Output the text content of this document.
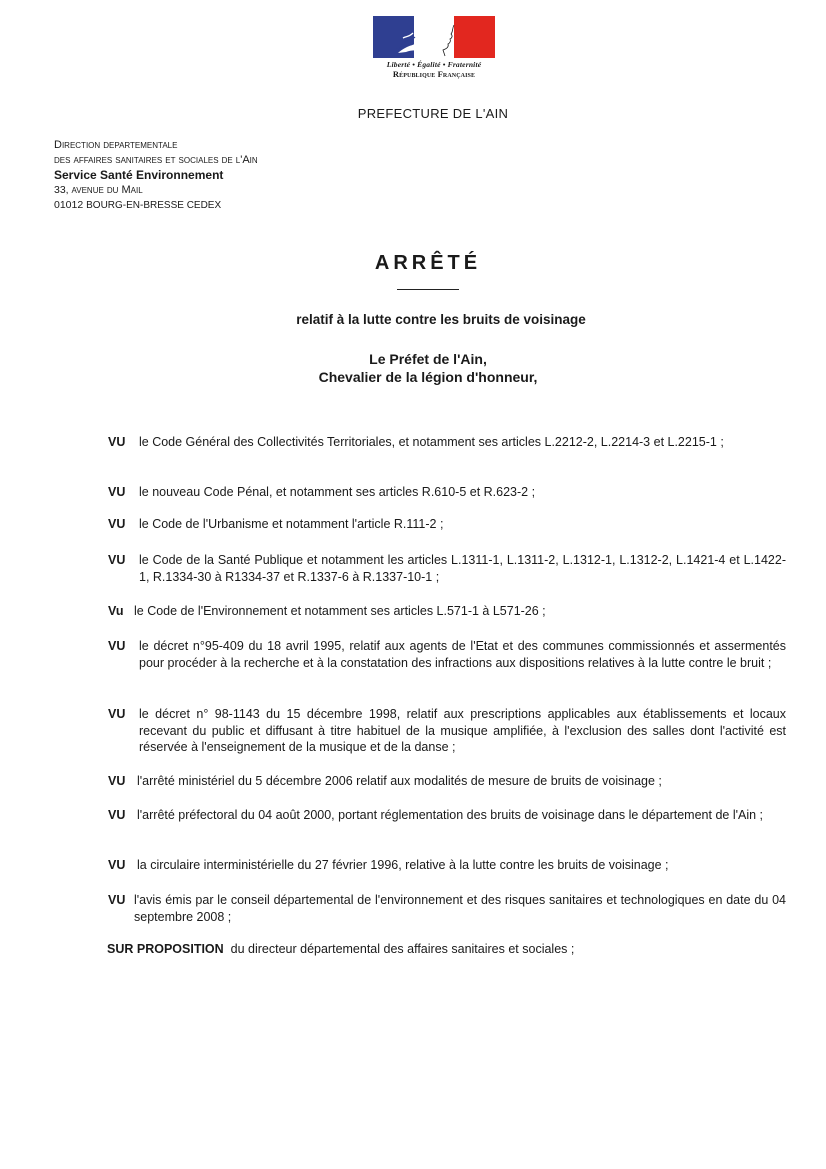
Liberté • Égalité • Fraternité
République Française
PREFECTURE DE L'AIN
Direction departementale
des affaires sanitaires et sociales de l'Ain
Service Santé Environnement
33, avenue du Mail
01012 BOURG-EN-BRESSE CEDEX
ARRÊTÉ
relatif à la lutte contre les bruits de voisinage
Le Préfet de l'Ain,
Chevalier de la légion d'honneur,
VU le Code Général des Collectivités Territoriales, et notamment ses articles L.2212-2, L.2214-3 et L.2215-1 ;
VU le nouveau Code Pénal, et notamment ses articles R.610-5 et R.623-2 ;
VU le Code de l'Urbanisme et notamment l'article R.111-2 ;
VU le Code de la Santé Publique et notamment les articles L.1311-1, L.1311-2, L.1312-1, L.1312-2, L.1421-4 et L.1422-1, R.1334-30 à R1334-37 et R.1337-6 à R.1337-10-1 ;
Vu le Code de l'Environnement et notamment ses articles L.571-1 à L571-26 ;
VU le décret n°95-409 du 18 avril 1995, relatif aux agents de l'Etat et des communes commissionnés et assermentés pour procéder à la recherche et à la constatation des infractions aux dispositions relatives à la lutte contre le bruit ;
VU le décret n° 98-1143 du 15 décembre 1998, relatif aux prescriptions applicables aux établissements et locaux recevant du public et diffusant à titre habituel de la musique amplifiée, à l'exclusion des salles dont l'activité est réservée à l'enseignement de la musique et de la danse ;
VU l'arrêté ministériel du 5 décembre 2006 relatif aux modalités de mesure de bruits de voisinage ;
VU l'arrêté préfectoral du 04 août 2000, portant réglementation des bruits de voisinage dans le département de l'Ain ;
VU la circulaire interministérielle du 27 février 1996, relative à la lutte contre les bruits de voisinage ;
VU l'avis émis par le conseil départemental de l'environnement et des risques sanitaires et technologiques en date du 04 septembre 2008 ;
SUR PROPOSITION du directeur départemental des affaires sanitaires et sociales ;
